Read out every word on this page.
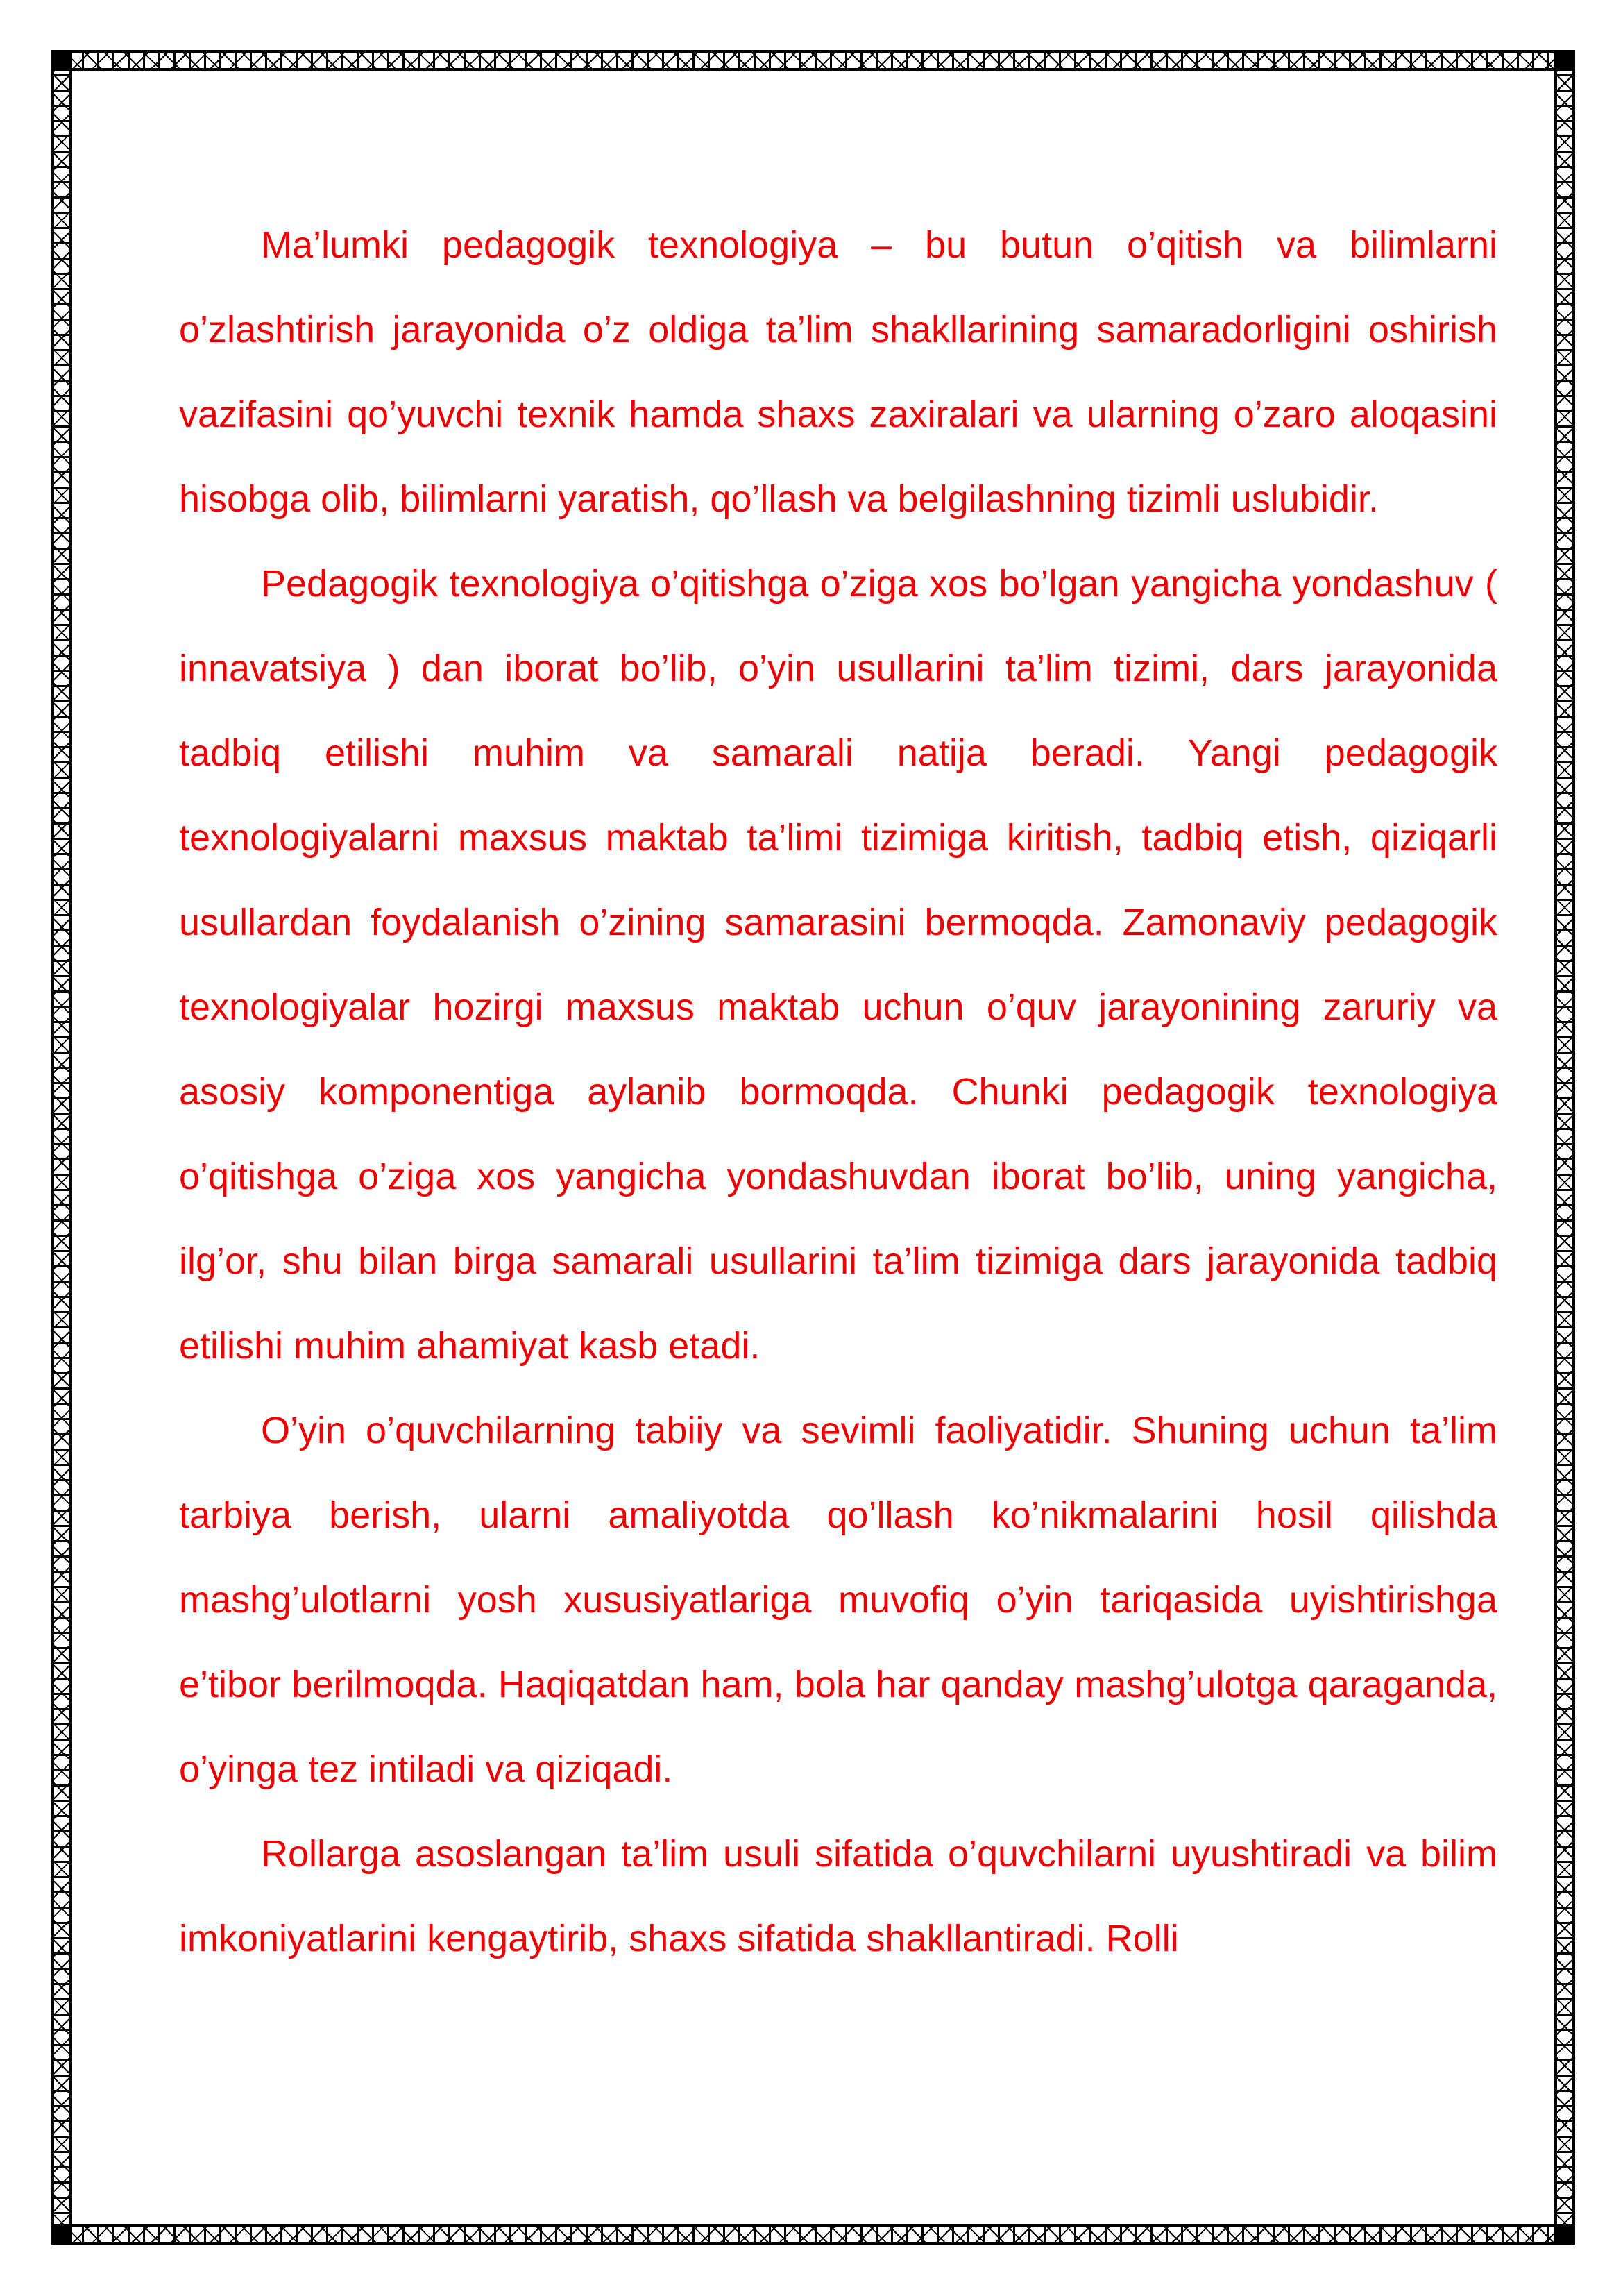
Ma’lumki pedagogik texnologiya – bu butun o’qitish va bilimlarni o’zlashtirish jarayonida o’z oldiga ta’lim shakllarining samaradorligini oshirish vazifasini qo’yuvchi texnik hamda shaxs zaxiralari va ularning o’zaro aloqasini hisobga olib, bilimlarni yaratish, qo’llash va belgilashning tizimli uslubidir.

Pedagogik texnologiya o’qitishga o’ziga xos bo’lgan yangicha yondashuv ( innavatsiya ) dan iborat bo’lib, o’yin usullarini ta’lim tizimi, dars jarayonida tadbiq etilishi muhim va samarali natija beradi. Yangi pedagogik texnologiyalarni maxsus maktab ta’limi tizimiga kiritish, tadbiq etish, qiziqarli usullardan foydalanish o’zining samarasini bermoqda. Zamonaviy pedagogik texnologiyalar hozirgi maxsus maktab uchun o’quv jarayonining zaruriy va asosiy komponentiga aylanib bormoqda. Chunki pedagogik texnologiya o’qitishga o’ziga xos yangicha yondashuvdan iborat bo’lib, uning yangicha, ilg’or, shu bilan birga samarali usullarini ta’lim tizimiga dars jarayonida tadbiq etilishi muhim ahamiyat kasb etadi.

O’yin o’quvchilarning tabiiy va sevimli faoliyatidir. Shuning uchun ta’lim tarbiya berish, ularni amaliyotda qo’llash ko’nikmalarini hosil qilishda mashg’ulotlarni yosh xususiyatlariga muvofiq o’yin tariqasida uyishtirishga e’tibor berilmoqda. Haqiqatdan ham, bola har qanday mashg’ulotga qaraganda, o’yinga tez intiladi va qiziqadi.

Rollarga asoslangan ta’lim usuli sifatida o’quvchilarni uyushtiradi va bilim imkoniyatlarini kengaytirib, shaxs sifatida shakllantiradi. Rolli
